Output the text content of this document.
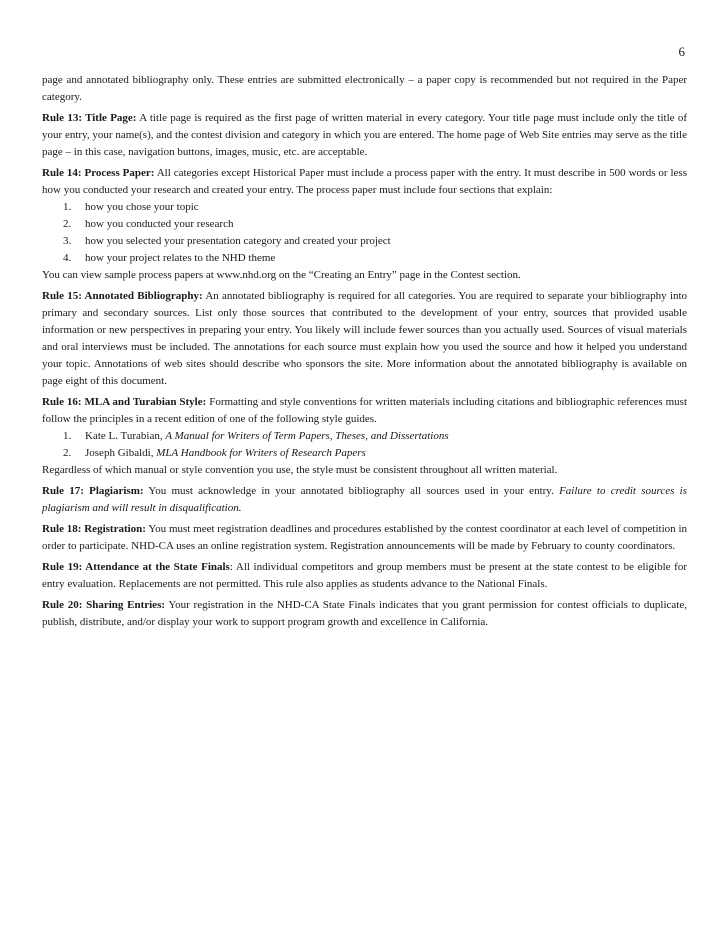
6

page and annotated bibliography only. These entries are submitted electronically – a paper copy is recommended but not required in the Paper category.

Rule 13: Title Page: A title page is required as the first page of written material in every category. Your title page must include only the title of your entry, your name(s), and the contest division and category in which you are entered. The home page of Web Site entries may serve as the title page – in this case, navigation buttons, images, music, etc. are acceptable.

Rule 14: Process Paper: All categories except Historical Paper must include a process paper with the entry. It must describe in 500 words or less how you conducted your research and created your entry. The process paper must include four sections that explain:

1. how you chose your topic
2. how you conducted your research
3. how you selected your presentation category and created your project
4. how your project relates to the NHD theme
You can view sample process papers at www.nhd.org on the “Creating an Entry” page in the Contest section.

Rule 15: Annotated Bibliography: An annotated bibliography is required for all categories. You are required to separate your bibliography into primary and secondary sources. List only those sources that contributed to the development of your entry, sources that provided usable information or new perspectives in preparing your entry. You likely will include fewer sources than you actually used. Sources of visual materials and oral interviews must be included. The annotations for each source must explain how you used the source and how it helped you understand your topic. Annotations of web sites should describe who sponsors the site. More information about the annotated bibliography is available on page eight of this document.

Rule 16: MLA and Turabian Style: Formatting and style conventions for written materials including citations and bibliographic references must follow the principles in a recent edition of one of the following style guides.

1. Kate L. Turabian, A Manual for Writers of Term Papers, Theses, and Dissertations
2. Joseph Gibaldi, MLA Handbook for Writers of Research Papers
Regardless of which manual or style convention you use, the style must be consistent throughout all written material.

Rule 17: Plagiarism: You must acknowledge in your annotated bibliography all sources used in your entry. Failure to credit sources is plagiarism and will result in disqualification.

Rule 18: Registration: You must meet registration deadlines and procedures established by the contest coordinator at each level of competition in order to participate. NHD-CA uses an online registration system. Registration announcements will be made by February to county coordinators.

Rule 19: Attendance at the State Finals: All individual competitors and group members must be present at the state contest to be eligible for entry evaluation. Replacements are not permitted. This rule also applies as students advance to the National Finals.

Rule 20: Sharing Entries: Your registration in the NHD-CA State Finals indicates that you grant permission for contest officials to duplicate, publish, distribute, and/or display your work to support program growth and excellence in California.
